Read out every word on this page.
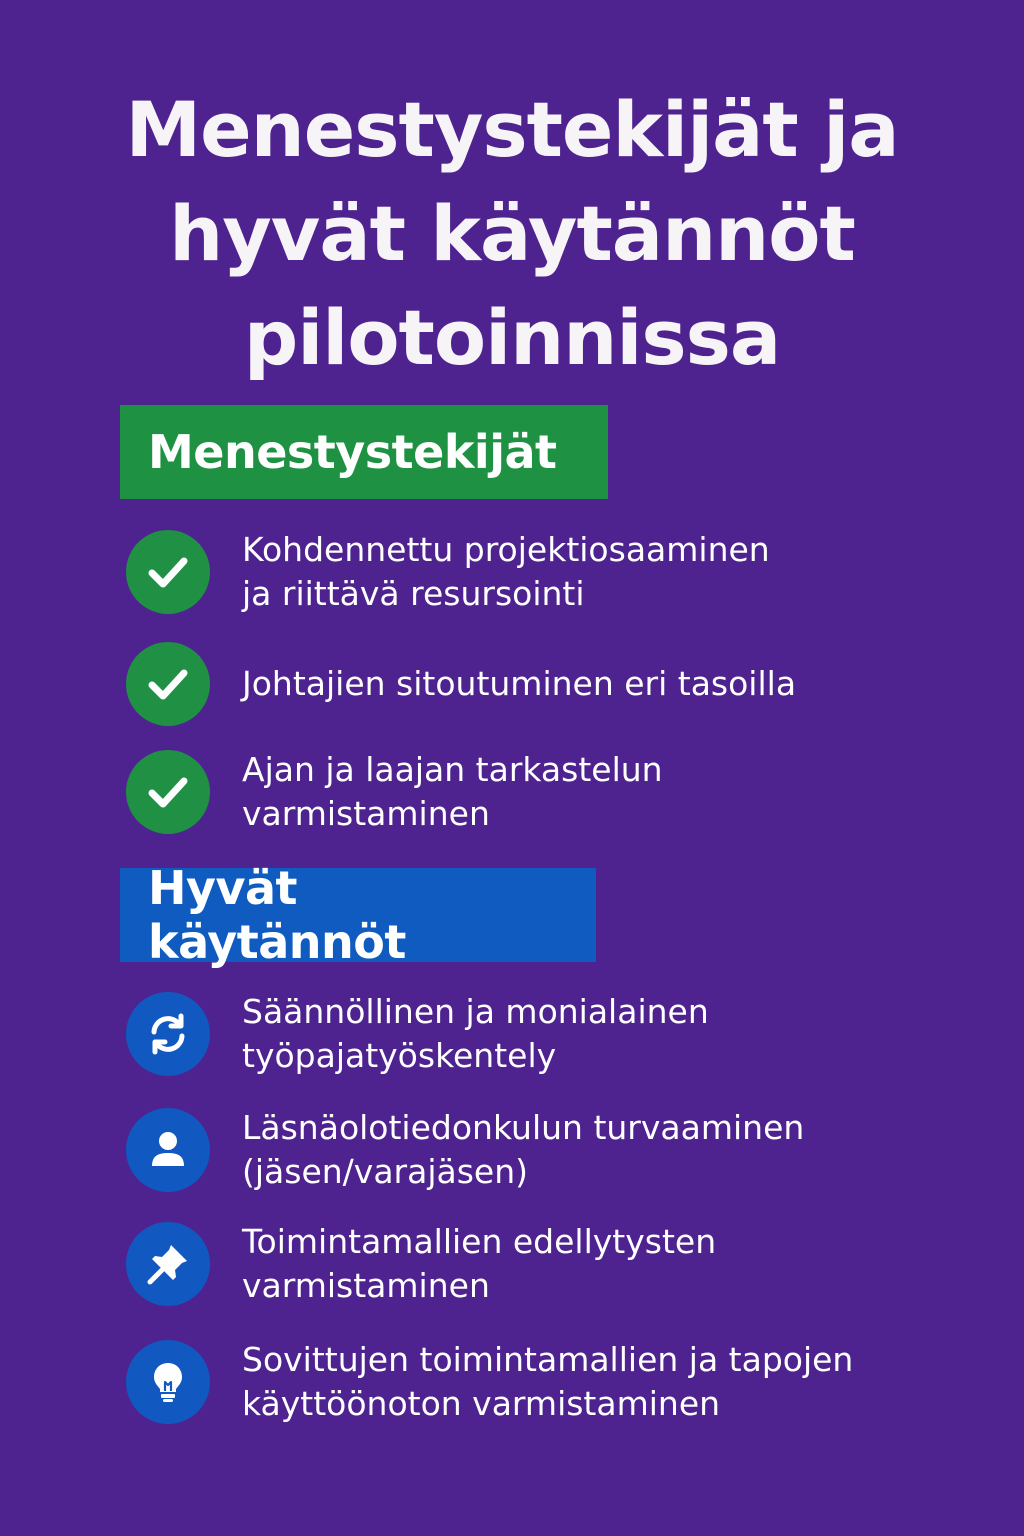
Menestystekijät ja
hyvät käytännöt
pilotoinnissa
Menestystekijät
Kohdennettu projektiosaaminen
ja riittävä resursointi
Johtajien sitoutuminen eri tasoilla
Ajan ja laajan tarkastelun
varmistaminen
Hyvät käytännöt
Säännöllinen ja monialainen
työpajatyöskentely
Läsnäolotiedonkulun turvaaminen
(jäsen/varajäsen)
Toimintamallien edellytysten
varmistaminen
Sovittujen toimintamallien ja tapojen
käyttöönoton varmistaminen
